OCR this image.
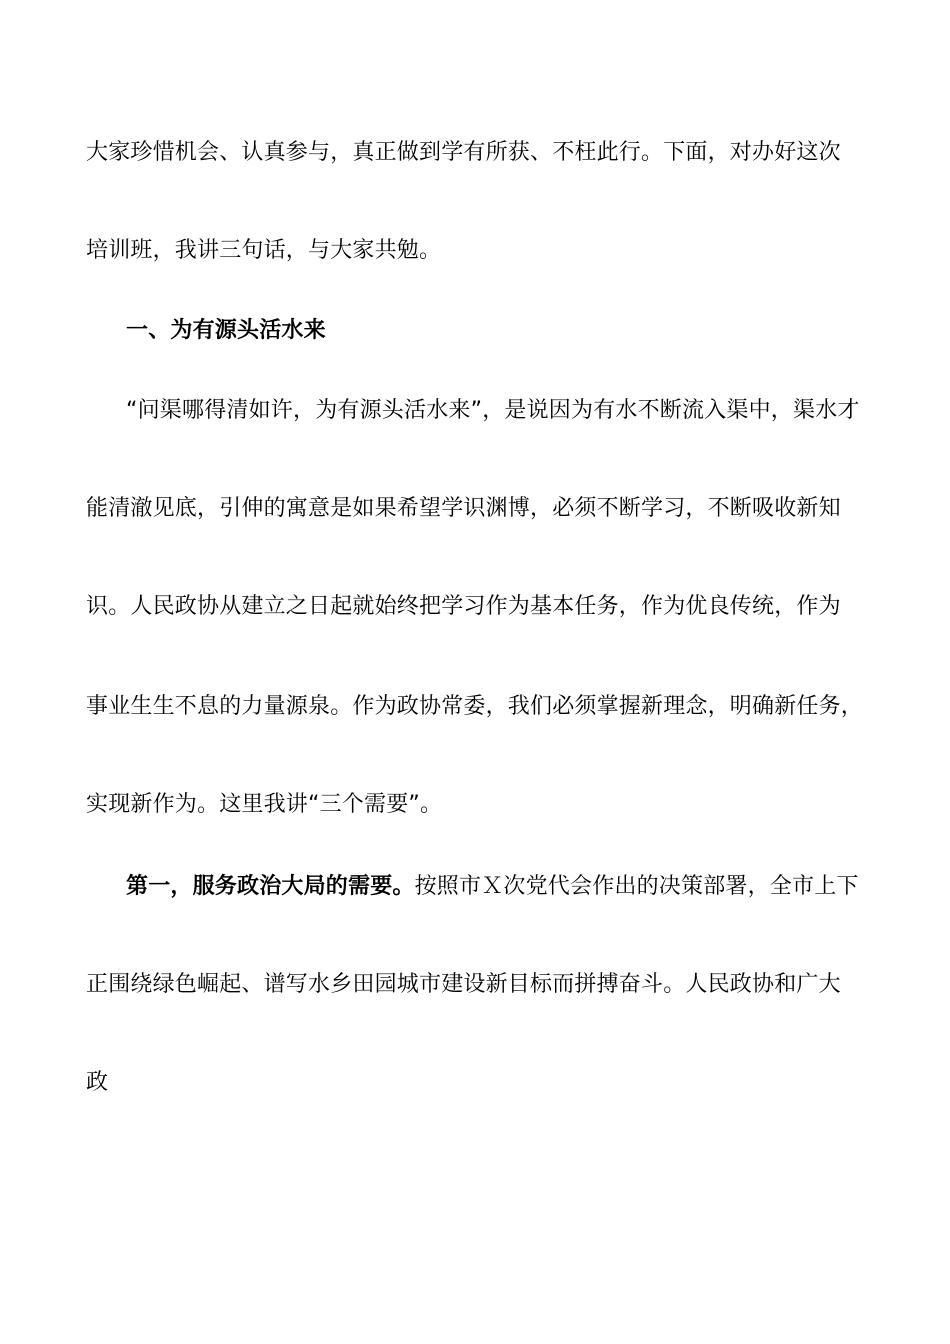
大家珍惜机会、认真参与，真正做到学有所获、不枉此行。下面，对办好这次
培训班，我讲三句话，与大家共勉。
一、为有源头活水来
“问渠哪得清如许，为有源头活水来”，是说因为有水不断流入渠中，渠水才
能清澈见底，引伸的寓意是如果希望学识渊博，必须不断学习，不断吸收新知
识。人民政协从建立之日起就始终把学习作为基本任务，作为优良传统，作为
事业生生不息的力量源泉。作为政协常委，我们必须掌握新理念，明确新任务，
实现新作为。这里我讲“三个需要”。
第一，服务政治大局的需要。按照市Ｘ次党代会作出的决策部署，全市上下
正围绕绿色崛起、谱写水乡田园城市建设新目标而拼搏奋斗。人民政协和广大
政
